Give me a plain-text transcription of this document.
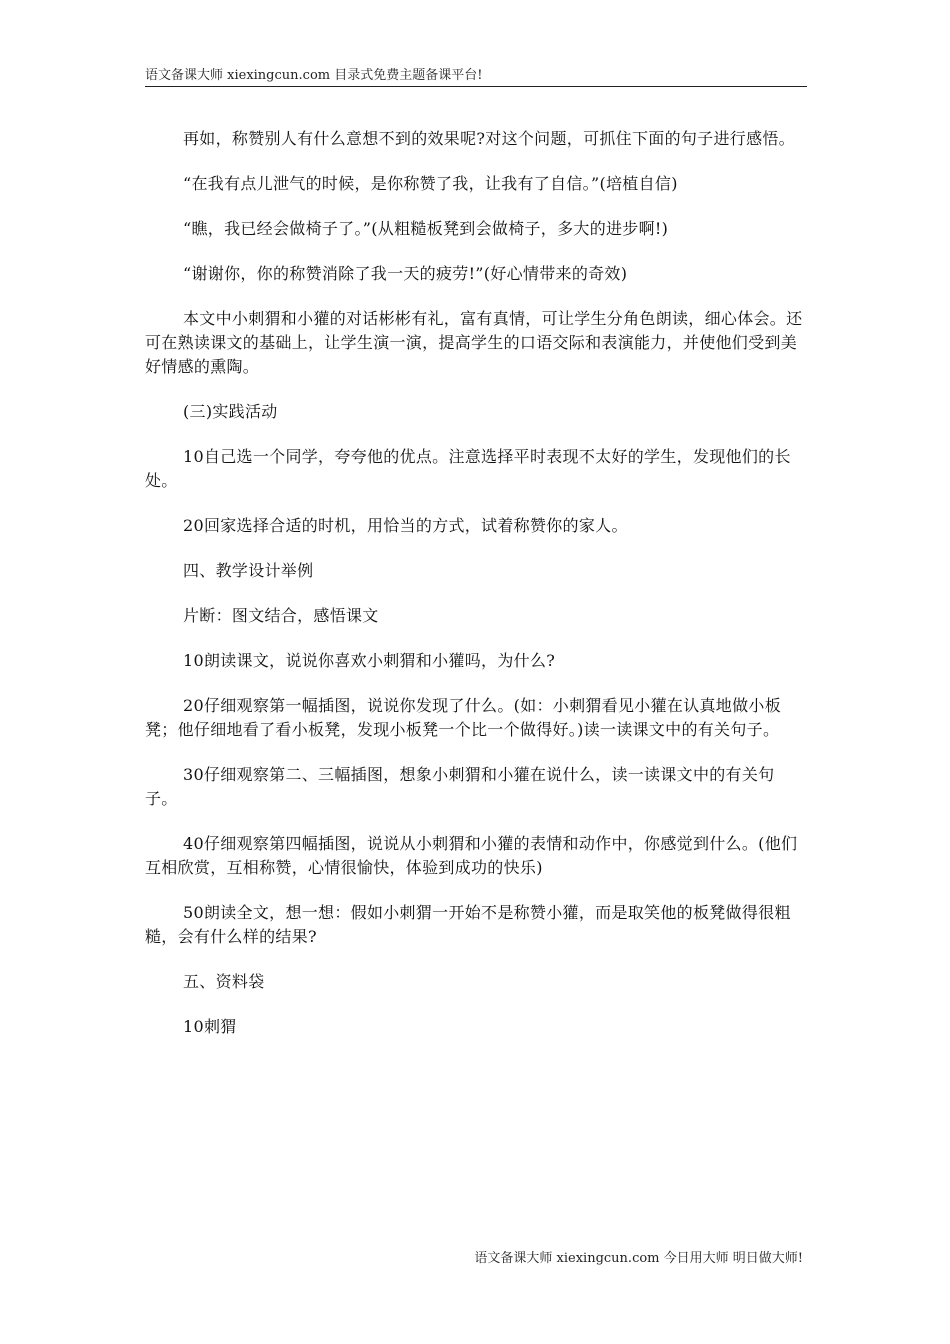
语文备课大师 xiexingcun.com 目录式免费主题备课平台!

再如，称赞别人有什么意想不到的效果呢?对这个问题，可抓住下面的句子进行感悟。

“在我有点儿泄气的时候，是你称赞了我，让我有了自信。”(培植自信)

“瞧，我已经会做椅子了。”(从粗糙板凳到会做椅子，多大的进步啊!)

“谢谢你，你的称赞消除了我一天的疲劳!”(好心情带来的奇效)

本文中小刺猬和小獾的对话彬彬有礼，富有真情，可让学生分角色朗读，细心体会。还可在熟读课文的基础上，让学生演一演，提高学生的口语交际和表演能力，并使他们受到美好情感的熏陶。

(三)实践活动

10自己选一个同学，夸夸他的优点。注意选择平时表现不太好的学生，发现他们的长处。

20回家选择合适的时机，用恰当的方式，试着称赞你的家人。

四、教学设计举例

片断：图文结合，感悟课文

10朗读课文，说说你喜欢小刺猬和小獾吗，为什么?

20仔细观察第一幅插图，说说你发现了什么。(如：小刺猬看见小獾在认真地做小板凳；他仔细地看了看小板凳，发现小板凳一个比一个做得好。)读一读课文中的有关句子。

30仔细观察第二、三幅插图，想象小刺猬和小獾在说什么，读一读课文中的有关句子。

40仔细观察第四幅插图，说说从小刺猬和小獾的表情和动作中，你感觉到什么。(他们互相欣赏，互相称赞，心情很愉快，体验到成功的快乐)

50朗读全文，想一想：假如小刺猬一开始不是称赞小獾，而是取笑他的板凳做得很粗糙，会有什么样的结果?

五、资料袋

10刺猬

语文备课大师 xiexingcun.com 今日用大师 明日做大师!
